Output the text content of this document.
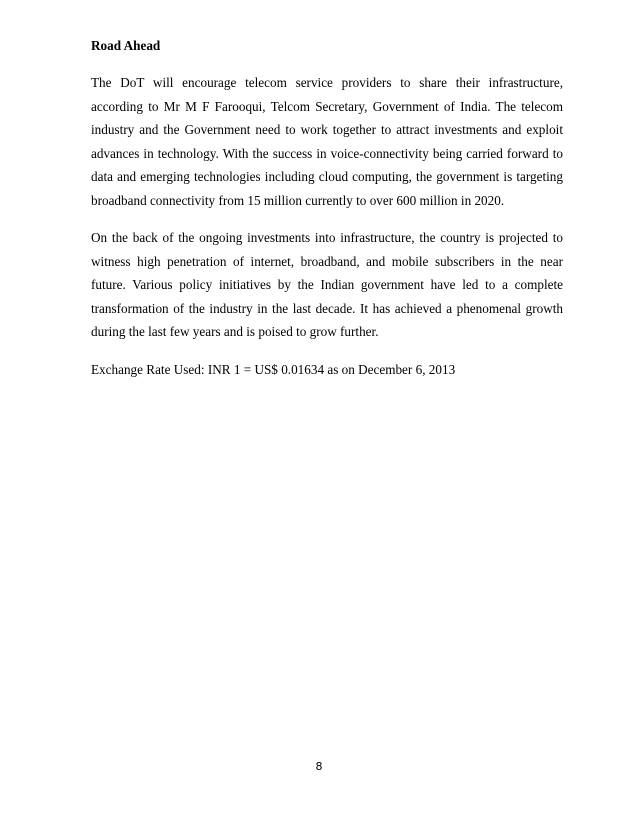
Road Ahead

The DoT will encourage telecom service providers to share their infrastructure, according to Mr M F Farooqui, Telcom Secretary, Government of India. The telecom industry and the Government need to work together to attract investments and exploit advances in technology. With the success in voice-connectivity being carried forward to data and emerging technologies including cloud computing, the government is targeting broadband connectivity from 15 million currently to over 600 million in 2020.

On the back of the ongoing investments into infrastructure, the country is projected to witness high penetration of internet, broadband, and mobile subscribers in the near future. Various policy initiatives by the Indian government have led to a complete transformation of the industry in the last decade. It has achieved a phenomenal growth during the last few years and is poised to grow further.

Exchange Rate Used: INR 1 = US$ 0.01634 as on December 6, 2013

8
